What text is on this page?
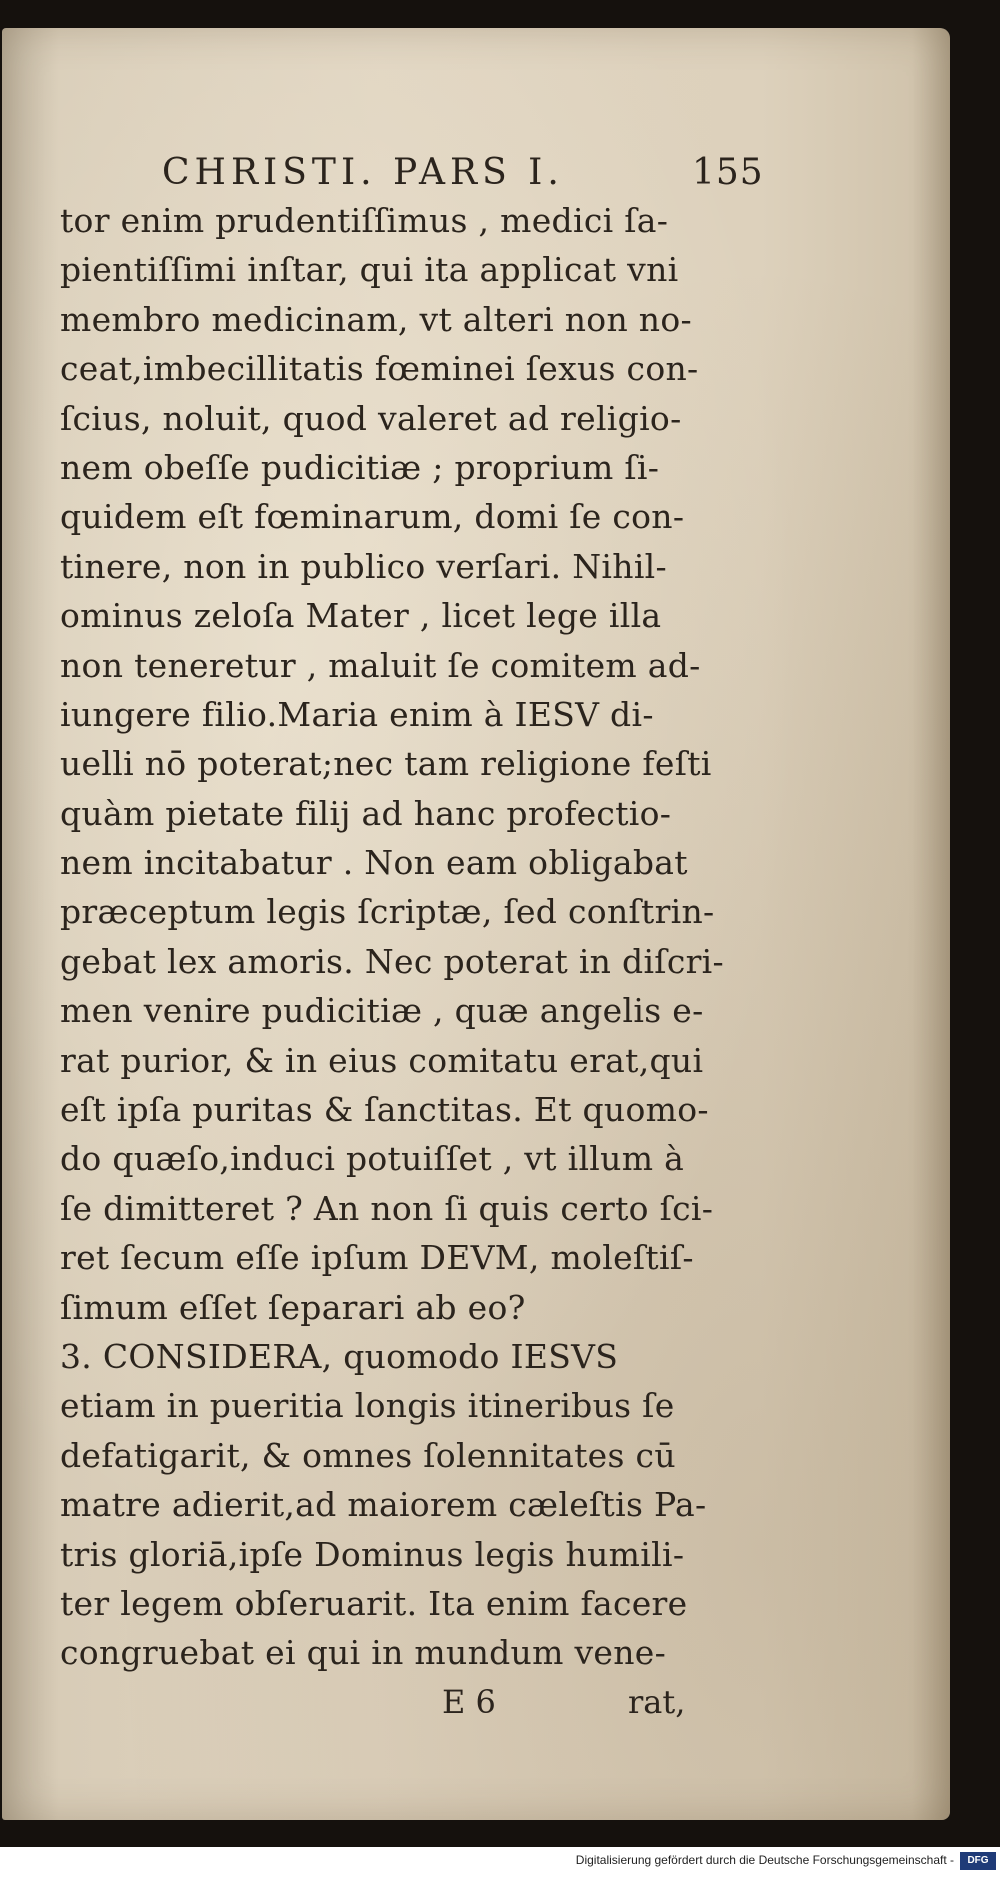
CHRISTI. PARS I.	155
tor enim prudentiſſimus , medici ſa-
pientiſſimi inſtar, qui ita applicat vni
membro medicinam, vt alteri non no-
ceat,imbecillitatis fœminei ſexus con-
ſcius, noluit, quod valeret ad religio-
nem obeſſe pudicitiæ ; proprium ſi-
quidem eſt fœminarum, domi ſe con-
tinere, non in publico verſari. Nihil-
ominus zeloſa Mater , licet lege illa
non teneretur , maluit ſe comitem ad-
iungere filio.Maria enim à IESV di-
uelli nō poterat;nec tam religione feſti
quàm pietate filij ad hanc profectio-
nem incitabatur . Non eam obligabat
præceptum legis ſcriptæ, ſed conſtrin-
gebat lex amoris. Nec poterat in diſcri-
men venire pudicitiæ , quæ angelis e-
rat purior, & in eius comitatu erat,qui
eſt ipſa puritas & ſanctitas. Et quomo-
do quæſo,induci potuiſſet , vt illum à
ſe dimitteret ? An non ſi quis certo ſci-
ret ſecum eſſe ipſum DEVM, moleſtiſ-
ſimum eſſet ſeparari ab eo?
3. CONSIDERA, quomodo IESVS
etiam in pueritia longis itineribus ſe
defatigarit, & omnes ſolennitates cū
matre adierit,ad maiorem cæleſtis Pa-
tris gloriā,ipſe Dominus legis humili-
ter legem obſeruarit. Ita enim facere
congruebat ei qui in mundum vene-
E 6	rat,
Digitalisierung gefördert durch die Deutsche Forschungsgemeinschaft -	DFG
